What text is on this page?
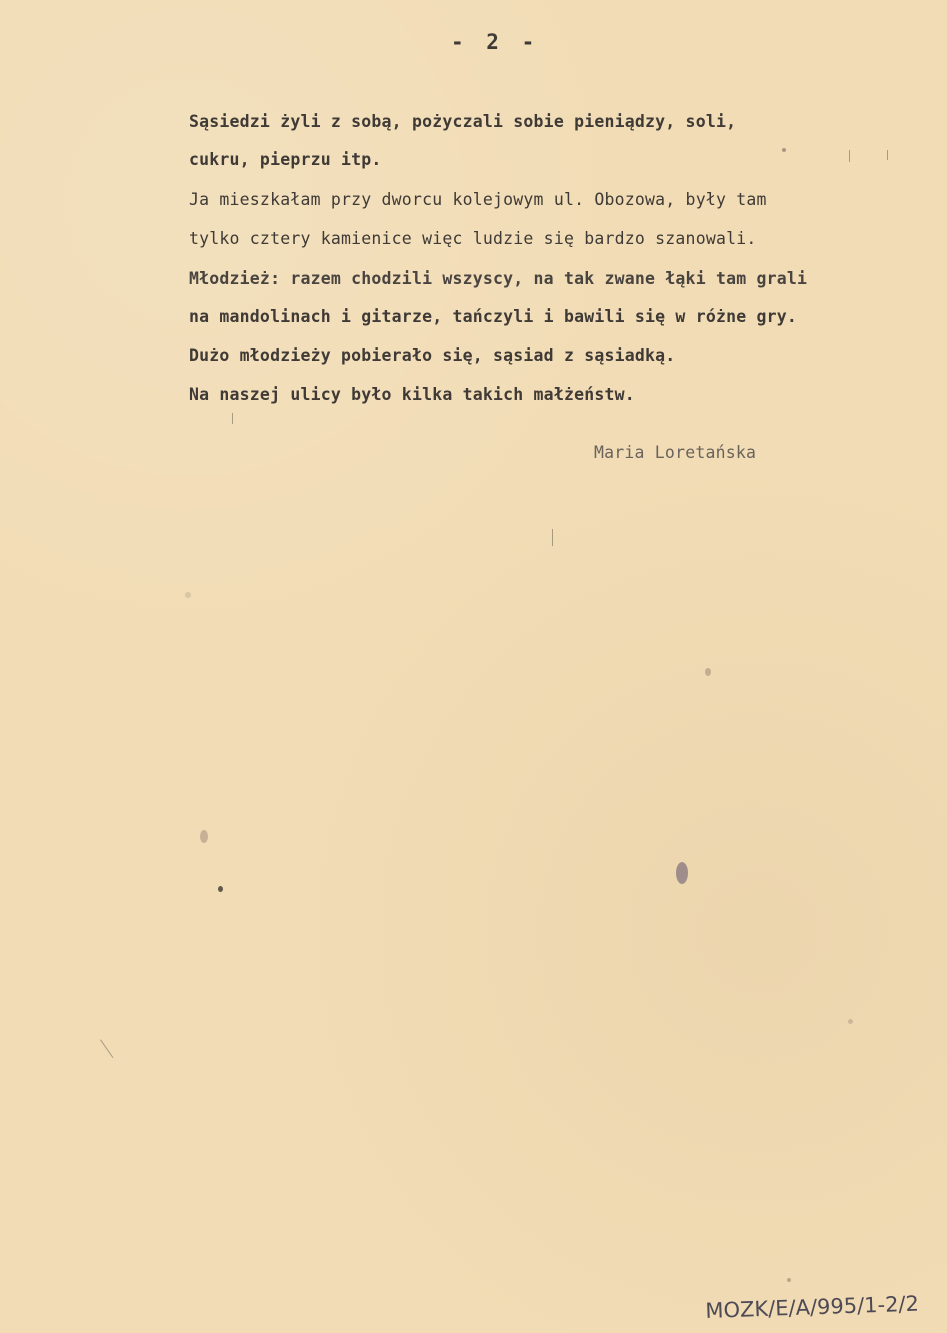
- 2 -
Sąsiedzi żyli z sobą, pożyczali sobie pieniądzy, soli,
cukru, pieprzu itp.
Ja mieszkałam przy dworcu kolejowym ul. Obozowa, były tam
tylko cztery kamienice więc ludzie się bardzo szanowali.
Młodzież: razem chodzili wszyscy, na tak zwane łąki tam grali
na mandolinach i gitarze, tańczyli i bawili się w różne gry.
Dużo młodzieży pobierało się, sąsiad z sąsiadką.
Na naszej ulicy było kilka takich małżeństw.
Maria Loretańska
MOZK/E/A/995/1-2/2
